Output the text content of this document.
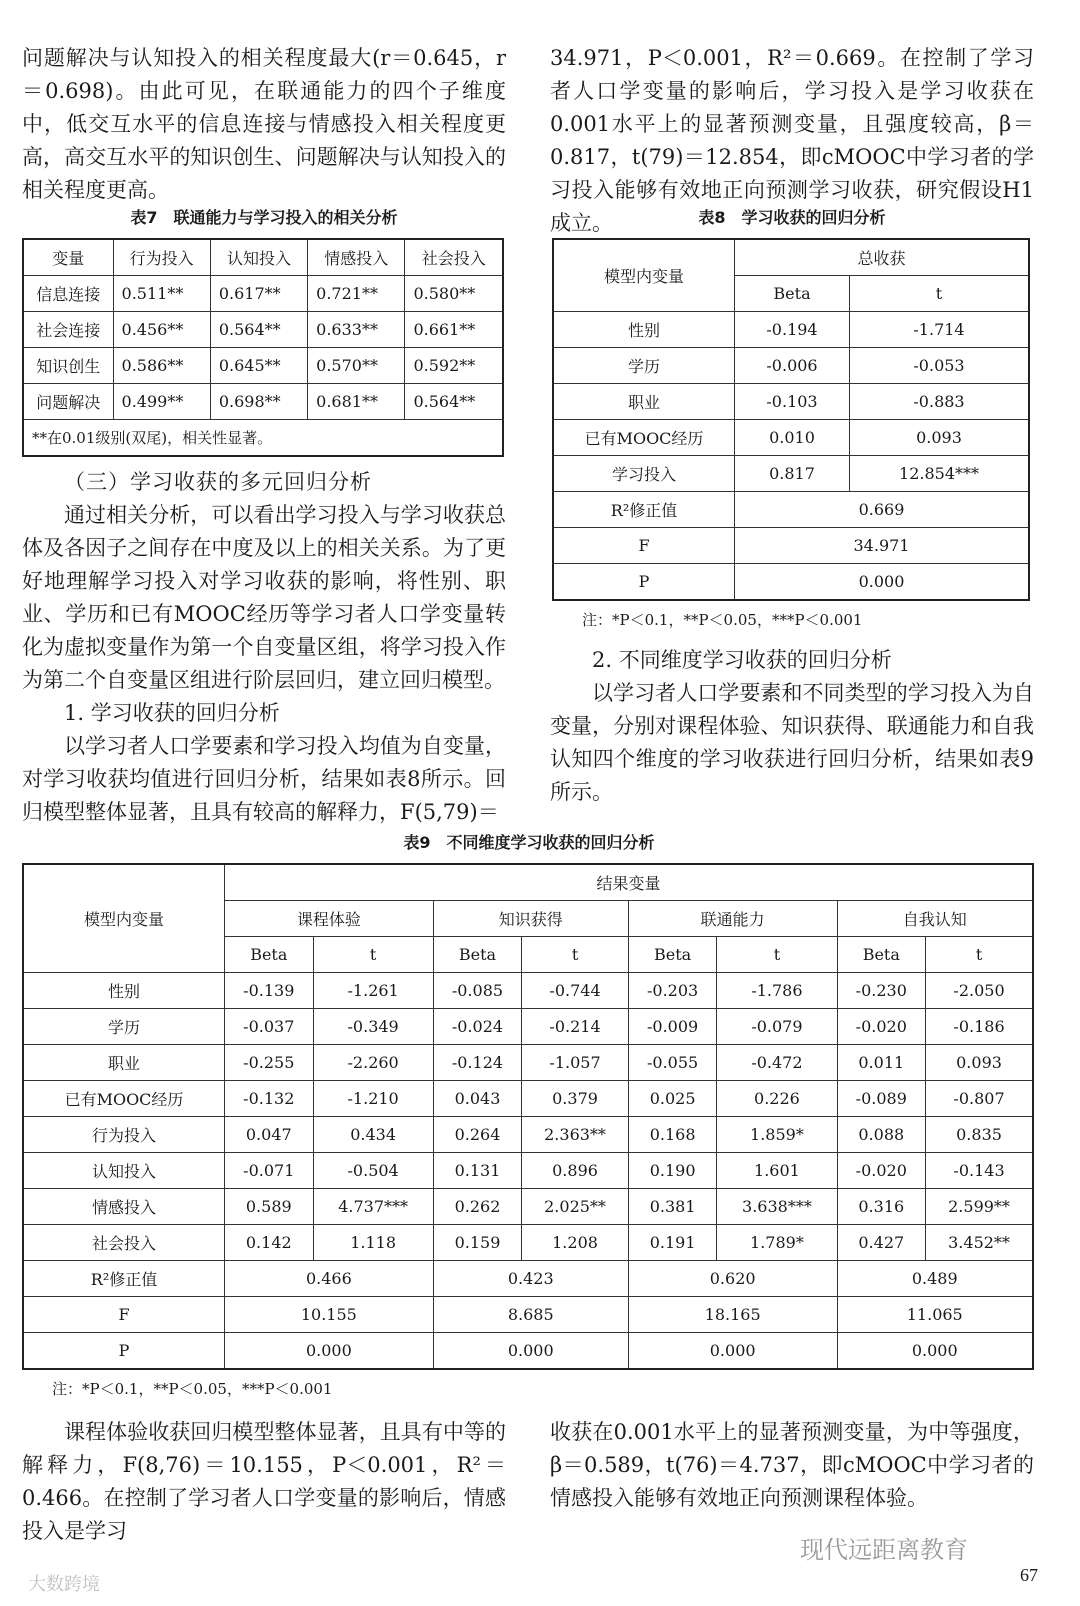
问题解决与认知投入的相关程度最大(r＝0.645，r＝0.698)。由此可见，在联通能力的四个子维度中，低交互水平的信息连接与情感投入相关程度更高，高交互水平的知识创生、问题解决与认知投入的相关程度更高。

表7　联通能力与学习投入的相关分析

变量	行为投入	认知投入	情感投入	社会投入
信息连接	0.511**	0.617**	0.721**	0.580**
社会连接	0.456**	0.564**	0.633**	0.661**
知识创生	0.586**	0.645**	0.570**	0.592**
问题解决	0.499**	0.698**	0.681**	0.564**
**在0.01级别(双尾)，相关性显著。				

（三）学习收获的多元回归分析

通过相关分析，可以看出学习投入与学习收获总体及各因子之间存在中度及以上的相关关系。为了更好地理解学习投入对学习收获的影响，将性别、职业、学历和已有MOOC经历等学习者人口学变量转化为虚拟变量作为第一个自变量区组，将学习投入作为第二个自变量区组进行阶层回归，建立回归模型。

1. 学习收获的回归分析

以学习者人口学要素和学习投入均值为自变量，对学习收获均值进行回归分析，结果如表8所示。回归模型整体显著，且具有较高的解释力，F(5,79)＝

34.971，P＜0.001，R²＝0.669。在控制了学习者人口学变量的影响后，学习投入是学习收获在0.001水平上的显著预测变量，且强度较高，β＝0.817，t(79)＝12.854，即cMOOC中学习者的学习投入能够有效地正向预测学习收获，研究假设H1成立。	表8　学习收获的回归分析

模型内变量	总收获	
	Beta	t
性别	-0.194	-1.714
学历	-0.006	-0.053
职业	-0.103	-0.883
已有MOOC经历	0.010	0.093
学习投入	0.817	12.854***
R²修正值	0.669	
F	34.971	
P	0.000	

注：*P＜0.1，**P＜0.05，***P＜0.001

2. 不同维度学习收获的回归分析

以学习者人口学要素和不同类型的学习投入为自变量，分别对课程体验、知识获得、联通能力和自我认知四个维度的学习收获进行回归分析，结果如表9所示。

表9　不同维度学习收获的回归分析

模型内变量	结果变量							
	课程体验		知识获得		联通能力		自我认知	
	Beta	t	Beta	t	Beta	t	Beta	t
性别	-0.139	-1.261	-0.085	-0.744	-0.203	-1.786	-0.230	-2.050
学历	-0.037	-0.349	-0.024	-0.214	-0.009	-0.079	-0.020	-0.186
职业	-0.255	-2.260	-0.124	-1.057	-0.055	-0.472	0.011	0.093
已有MOOC经历	-0.132	-1.210	0.043	0.379	0.025	0.226	-0.089	-0.807
行为投入	0.047	0.434	0.264	2.363**	0.168	1.859*	0.088	0.835
认知投入	-0.071	-0.504	0.131	0.896	0.190	1.601	-0.020	-0.143
情感投入	0.589	4.737***	0.262	2.025**	0.381	3.638***	0.316	2.599**
社会投入	0.142	1.118	0.159	1.208	0.191	1.789*	0.427	3.452**
R²修正值	0.466		0.423		0.620		0.489	
F	10.155		8.685		18.165		11.065	
P	0.000		0.000		0.000		0.000	

注：*P＜0.1，**P＜0.05，***P＜0.001

课程体验收获回归模型整体显著，且具有中等的解释力，F(8,76)＝10.155，P＜0.001，R²＝0.466。在控制了学习者人口学变量的影响后，情感投入是学习

收获在0.001水平上的显著预测变量，为中等强度，β＝0.589，t(76)＝4.737，即cMOOC中学习者的情感投入能够有效地正向预测课程体验。

大数跨境
现代远距离教育
67
